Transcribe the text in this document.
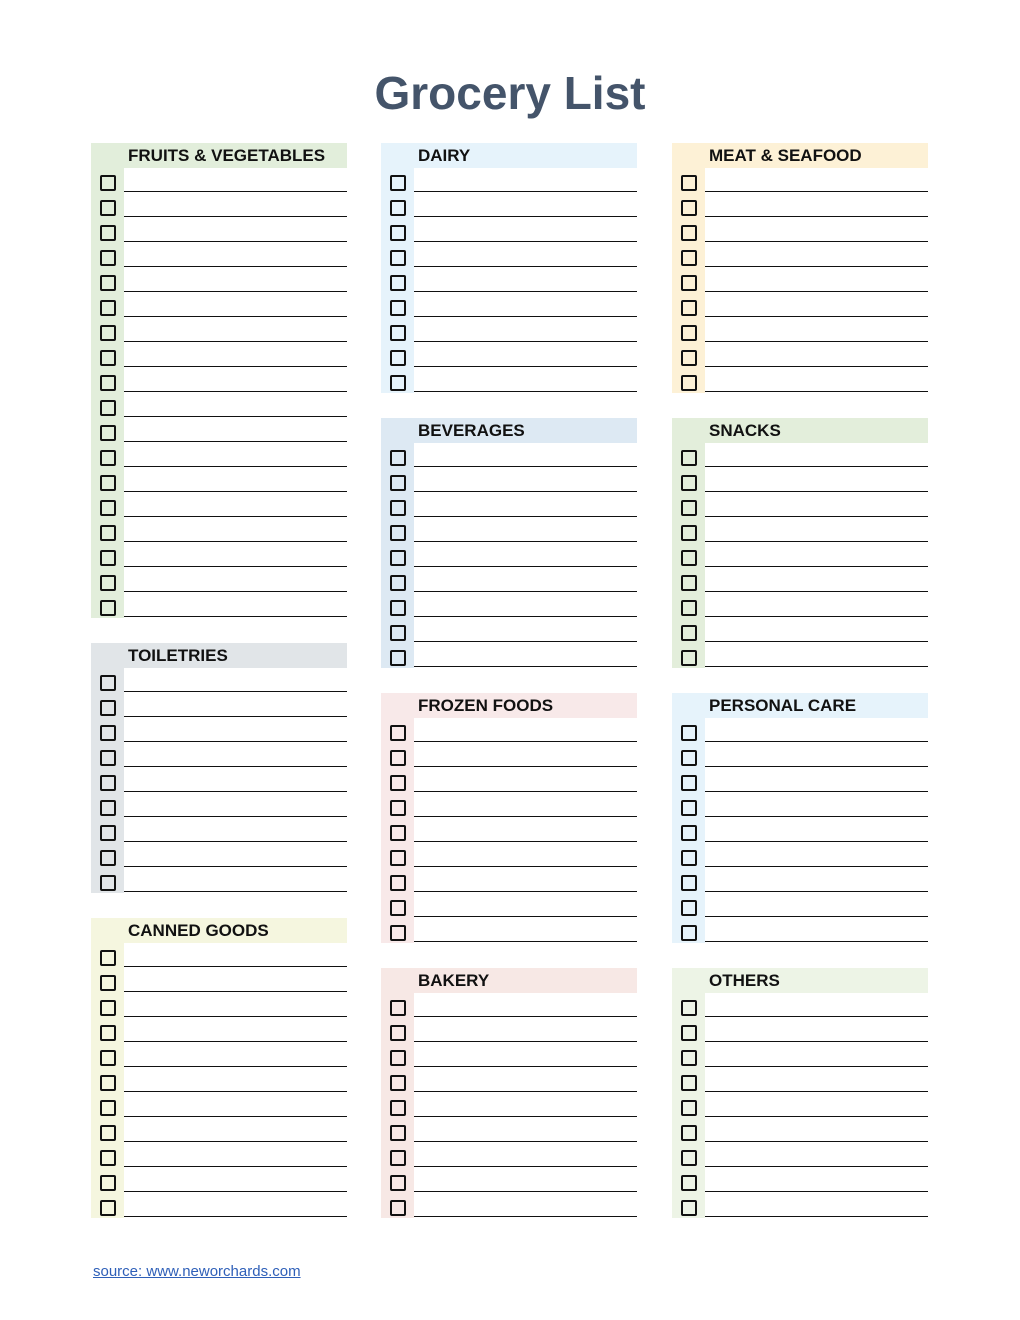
Grocery List
FRUITS & VEGETABLES	DAIRY	MEAT & SEAFOOD
BEVERAGES	SNACKS
TOILETRIES
FROZEN FOODS	PERSONAL CARE
CANNED GOODS
BAKERY	OTHERS
source: www.neworchards.com
